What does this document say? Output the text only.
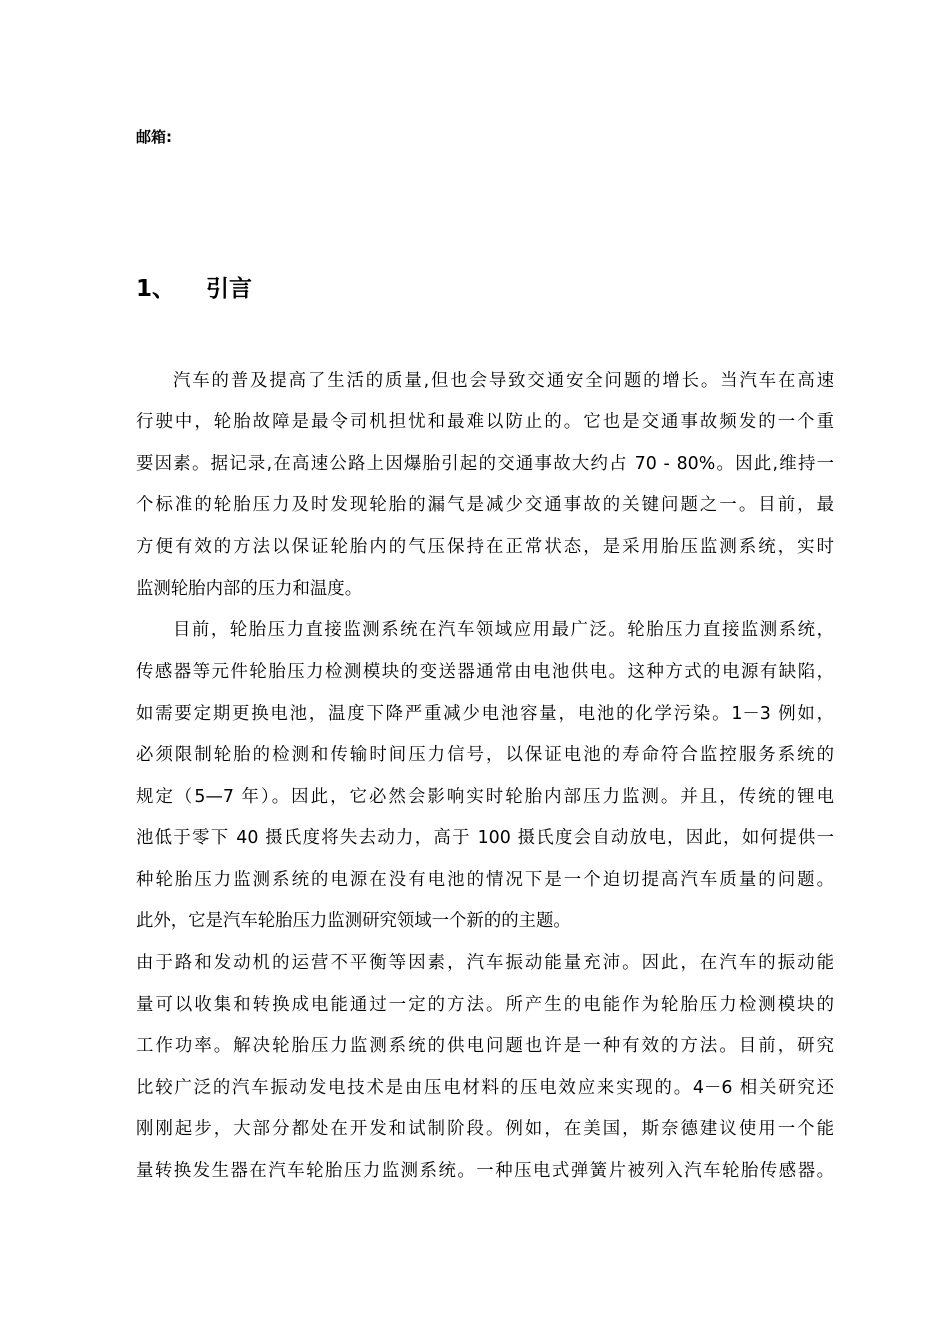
邮箱:
1、 引言
汽车的普及提高了生活的质量,但也会导致交通安全问题的增长。当汽车在高速
行驶中，轮胎故障是最令司机担忧和最难以防止的。它也是交通事故频发的一个重
要因素。据记录,在高速公路上因爆胎引起的交通事故大约占 70 - 80%。因此,维持一
个标准的轮胎压力及时发现轮胎的漏气是减少交通事故的关键问题之一。目前，最
方便有效的方法以保证轮胎内的气压保持在正常状态，是采用胎压监测系统，实时
监测轮胎内部的压力和温度。
目前，轮胎压力直接监测系统在汽车领域应用最广泛。轮胎压力直接监测系统，
传感器等元件轮胎压力检测模块的变送器通常由电池供电。这种方式的电源有缺陷，
如需要定期更换电池，温度下降严重减少电池容量，电池的化学污染。1－3 例如，
必须限制轮胎的检测和传输时间压力信号，以保证电池的寿命符合监控服务系统的
规定（5—7 年）。因此，它必然会影响实时轮胎内部压力监测。并且，传统的锂电
池低于零下 40 摄氏度将失去动力，高于 100 摄氏度会自动放电，因此，如何提供一
种轮胎压力监测系统的电源在没有电池的情况下是一个迫切提高汽车质量的问题。
此外，它是汽车轮胎压力监测研究领域一个新的的主题。
由于路和发动机的运营不平衡等因素，汽车振动能量充沛。因此，在汽车的振动能
量可以收集和转换成电能通过一定的方法。所产生的电能作为轮胎压力检测模块的
工作功率。解决轮胎压力监测系统的供电问题也许是一种有效的方法。目前，研究
比较广泛的汽车振动发电技术是由压电材料的压电效应来实现的。4－6 相关研究还
刚刚起步，大部分都处在开发和试制阶段。例如，在美国，斯奈德建议使用一个能
量转换发生器在汽车轮胎压力监测系统。一种压电式弹簧片被列入汽车轮胎传感器。
